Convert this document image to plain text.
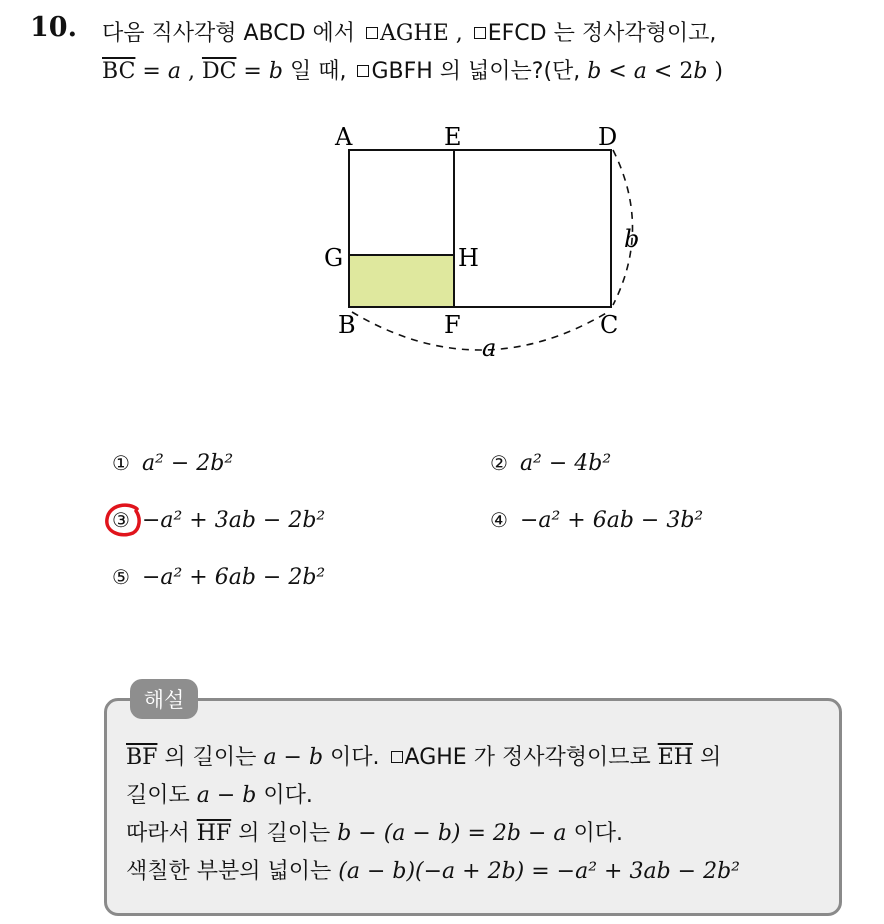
10. 다음 직사각형 ABCD 에서 AGHE , EFCD 는 정사각형이고,
$\overline{BC} = a$ , $\overline{DC} = b$ 일 때, GBFH 의 넓이는?(단, b < a < 2b )
A	E	D
G	H
B	F	C
a
b
① a² − 2b²	② a² − 4b²
③ −a² + 3ab − 2b²	④ −a² + 6ab − 3b²
⑤ −a² + 6ab − 2b²
해설
$\overline{BF}$ 의 길이는 a − b 이다. AGHE 가 정사각형이므로 $\overline{EH}$ 의
길이도 a − b 이다.
따라서 $\overline{HF}$ 의 길이는 b − (a − b) = 2b − a 이다.
색칠한 부분의 넓이는 (a − b)(−a + 2b) = −a² + 3ab − 2b²
